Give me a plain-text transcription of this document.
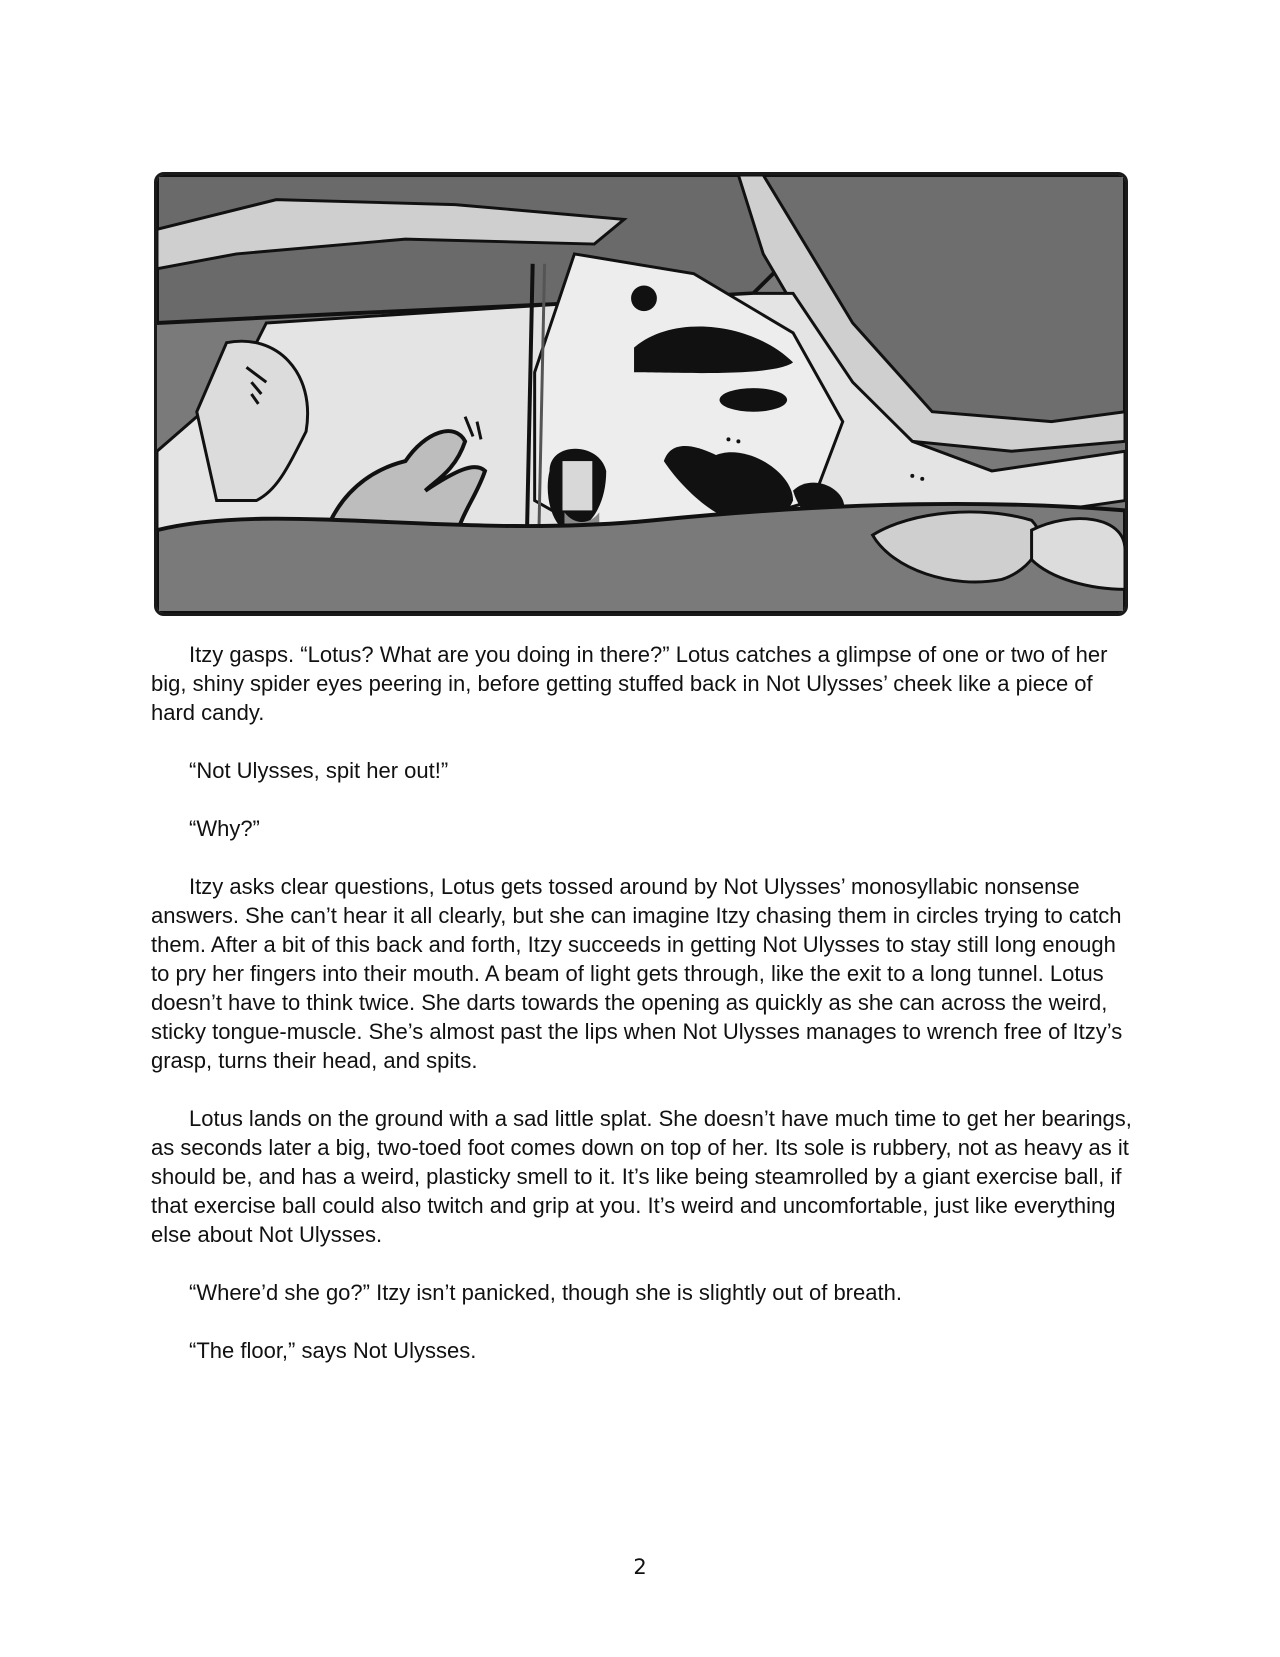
Itzy gasps. “Lotus? What are you doing in there?” Lotus catches a glimpse of one or two of her big, shiny spider eyes peering in, before getting stuffed back in Not Ulysses’ cheek like a piece of hard candy.

“Not Ulysses, spit her out!”

“Why?”

Itzy asks clear questions, Lotus gets tossed around by Not Ulysses’ monosyllabic nonsense answers. She can’t hear it all clearly, but she can imagine Itzy chasing them in circles trying to catch them. After a bit of this back and forth, Itzy succeeds in getting Not Ulysses to stay still long enough to pry her fingers into their mouth. A beam of light gets through, like the exit to a long tunnel. Lotus doesn’t have to think twice. She darts towards the opening as quickly as she can across the weird, sticky tongue-muscle. She’s almost past the lips when Not Ulysses manages to wrench free of Itzy’s grasp, turns their head, and spits.

Lotus lands on the ground with a sad little splat. She doesn’t have much time to get her bearings, as seconds later a big, two-toed foot comes down on top of her. Its sole is rubbery, not as heavy as it should be, and has a weird, plasticky smell to it. It’s like being steamrolled by a giant exercise ball, if that exercise ball could also twitch and grip at you. It’s weird and uncomfortable, just like everything else about Not Ulysses.

“Where’d she go?” Itzy isn’t panicked, though she is slightly out of breath.

“The floor,” says Not Ulysses.

2
